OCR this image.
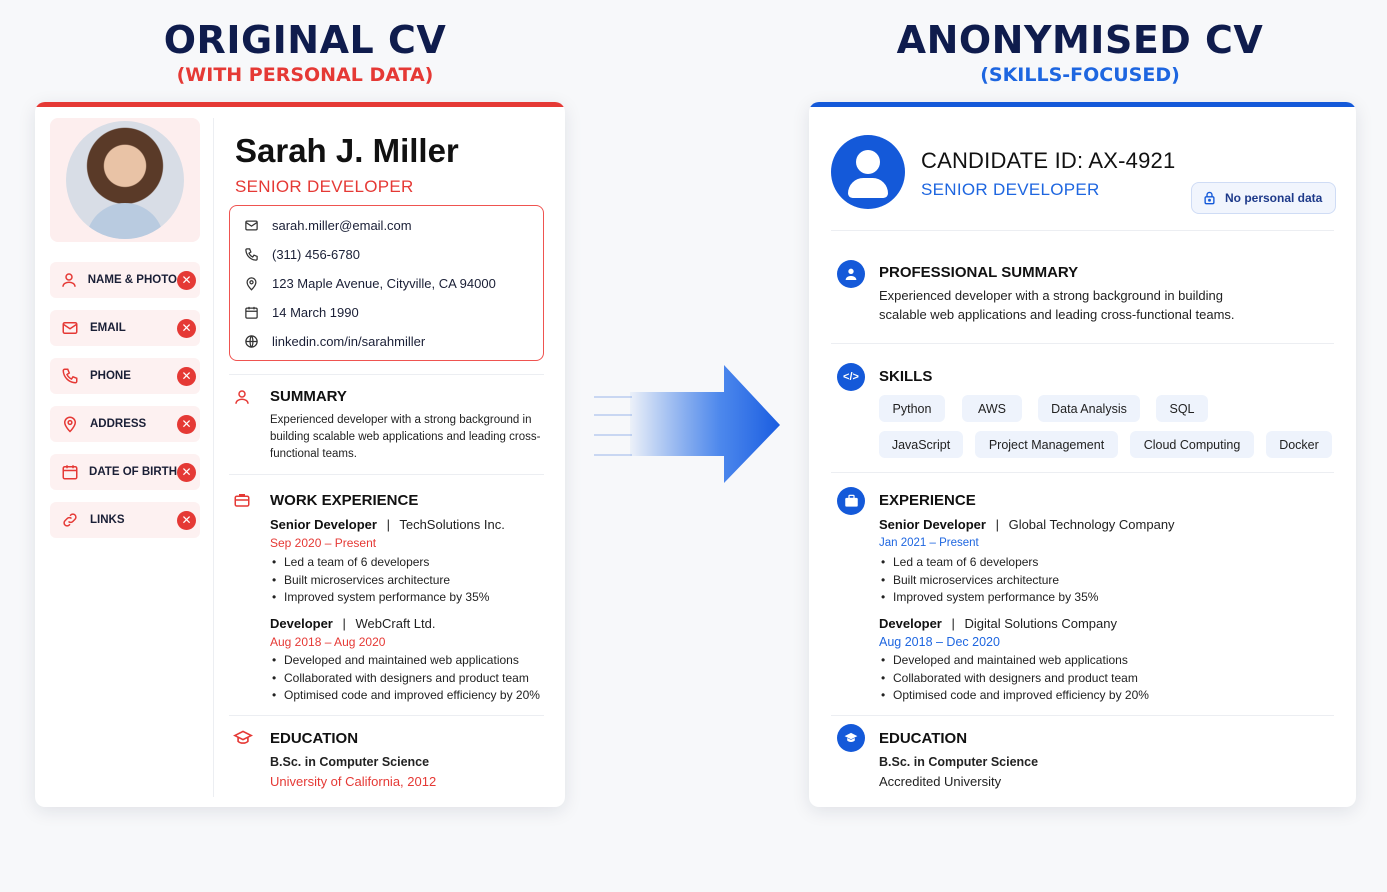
ORIGINAL CV
(WITH PERSONAL DATA)
ANONYMISED CV
(SKILLS-FOCUSED)
NAME & PHOTO ✕
EMAIL	✕
PHONE	✕
ADDRESS	✕
DATE OF BIRTH ✕
LINKS	✕
Sarah J. Miller
SENIOR DEVELOPER
sarah.miller@email.com
(311) 456-6780
123 Maple Avenue, Cityville, CA 94000
14 March 1990
linkedin.com/in/sarahmiller
SUMMARY
Experienced developer with a strong background in building scalable web applications and leading cross-functional teams.
WORK EXPERIENCE
Senior Developer | TechSolutions Inc.
Sep 2020 – Present
• Led a team of 6 developers
• Built microservices architecture
• Improved system performance by 35%
Developer | WebCraft Ltd.
Aug 2018 – Aug 2020
• Developed and maintained web applications
• Collaborated with designers and product team
• Optimised code and improved efficiency by 20%
EDUCATION
B.Sc. in Computer Science
University of California, 2012
CANDIDATE ID: AX-4921
SENIOR DEVELOPER	No personal data
PROFESSIONAL SUMMARY
Experienced developer with a strong background in building scalable web applications and leading cross-functional teams.
</>	SKILLS
Python	AWS	Data Analysis	SQL
JavaScript	Project Management	Cloud Computing	Docker
EXPERIENCE
Senior Developer | Global Technology Company
Jan 2021 – Present
• Led a team of 6 developers
• Built microservices architecture
• Improved system performance by 35%
Developer | Digital Solutions Company
Aug 2018 – Dec 2020
• Developed and maintained web applications
• Collaborated with designers and product team
• Optimised code and improved efficiency by 20%
EDUCATION
B.Sc. in Computer Science
Accredited University
